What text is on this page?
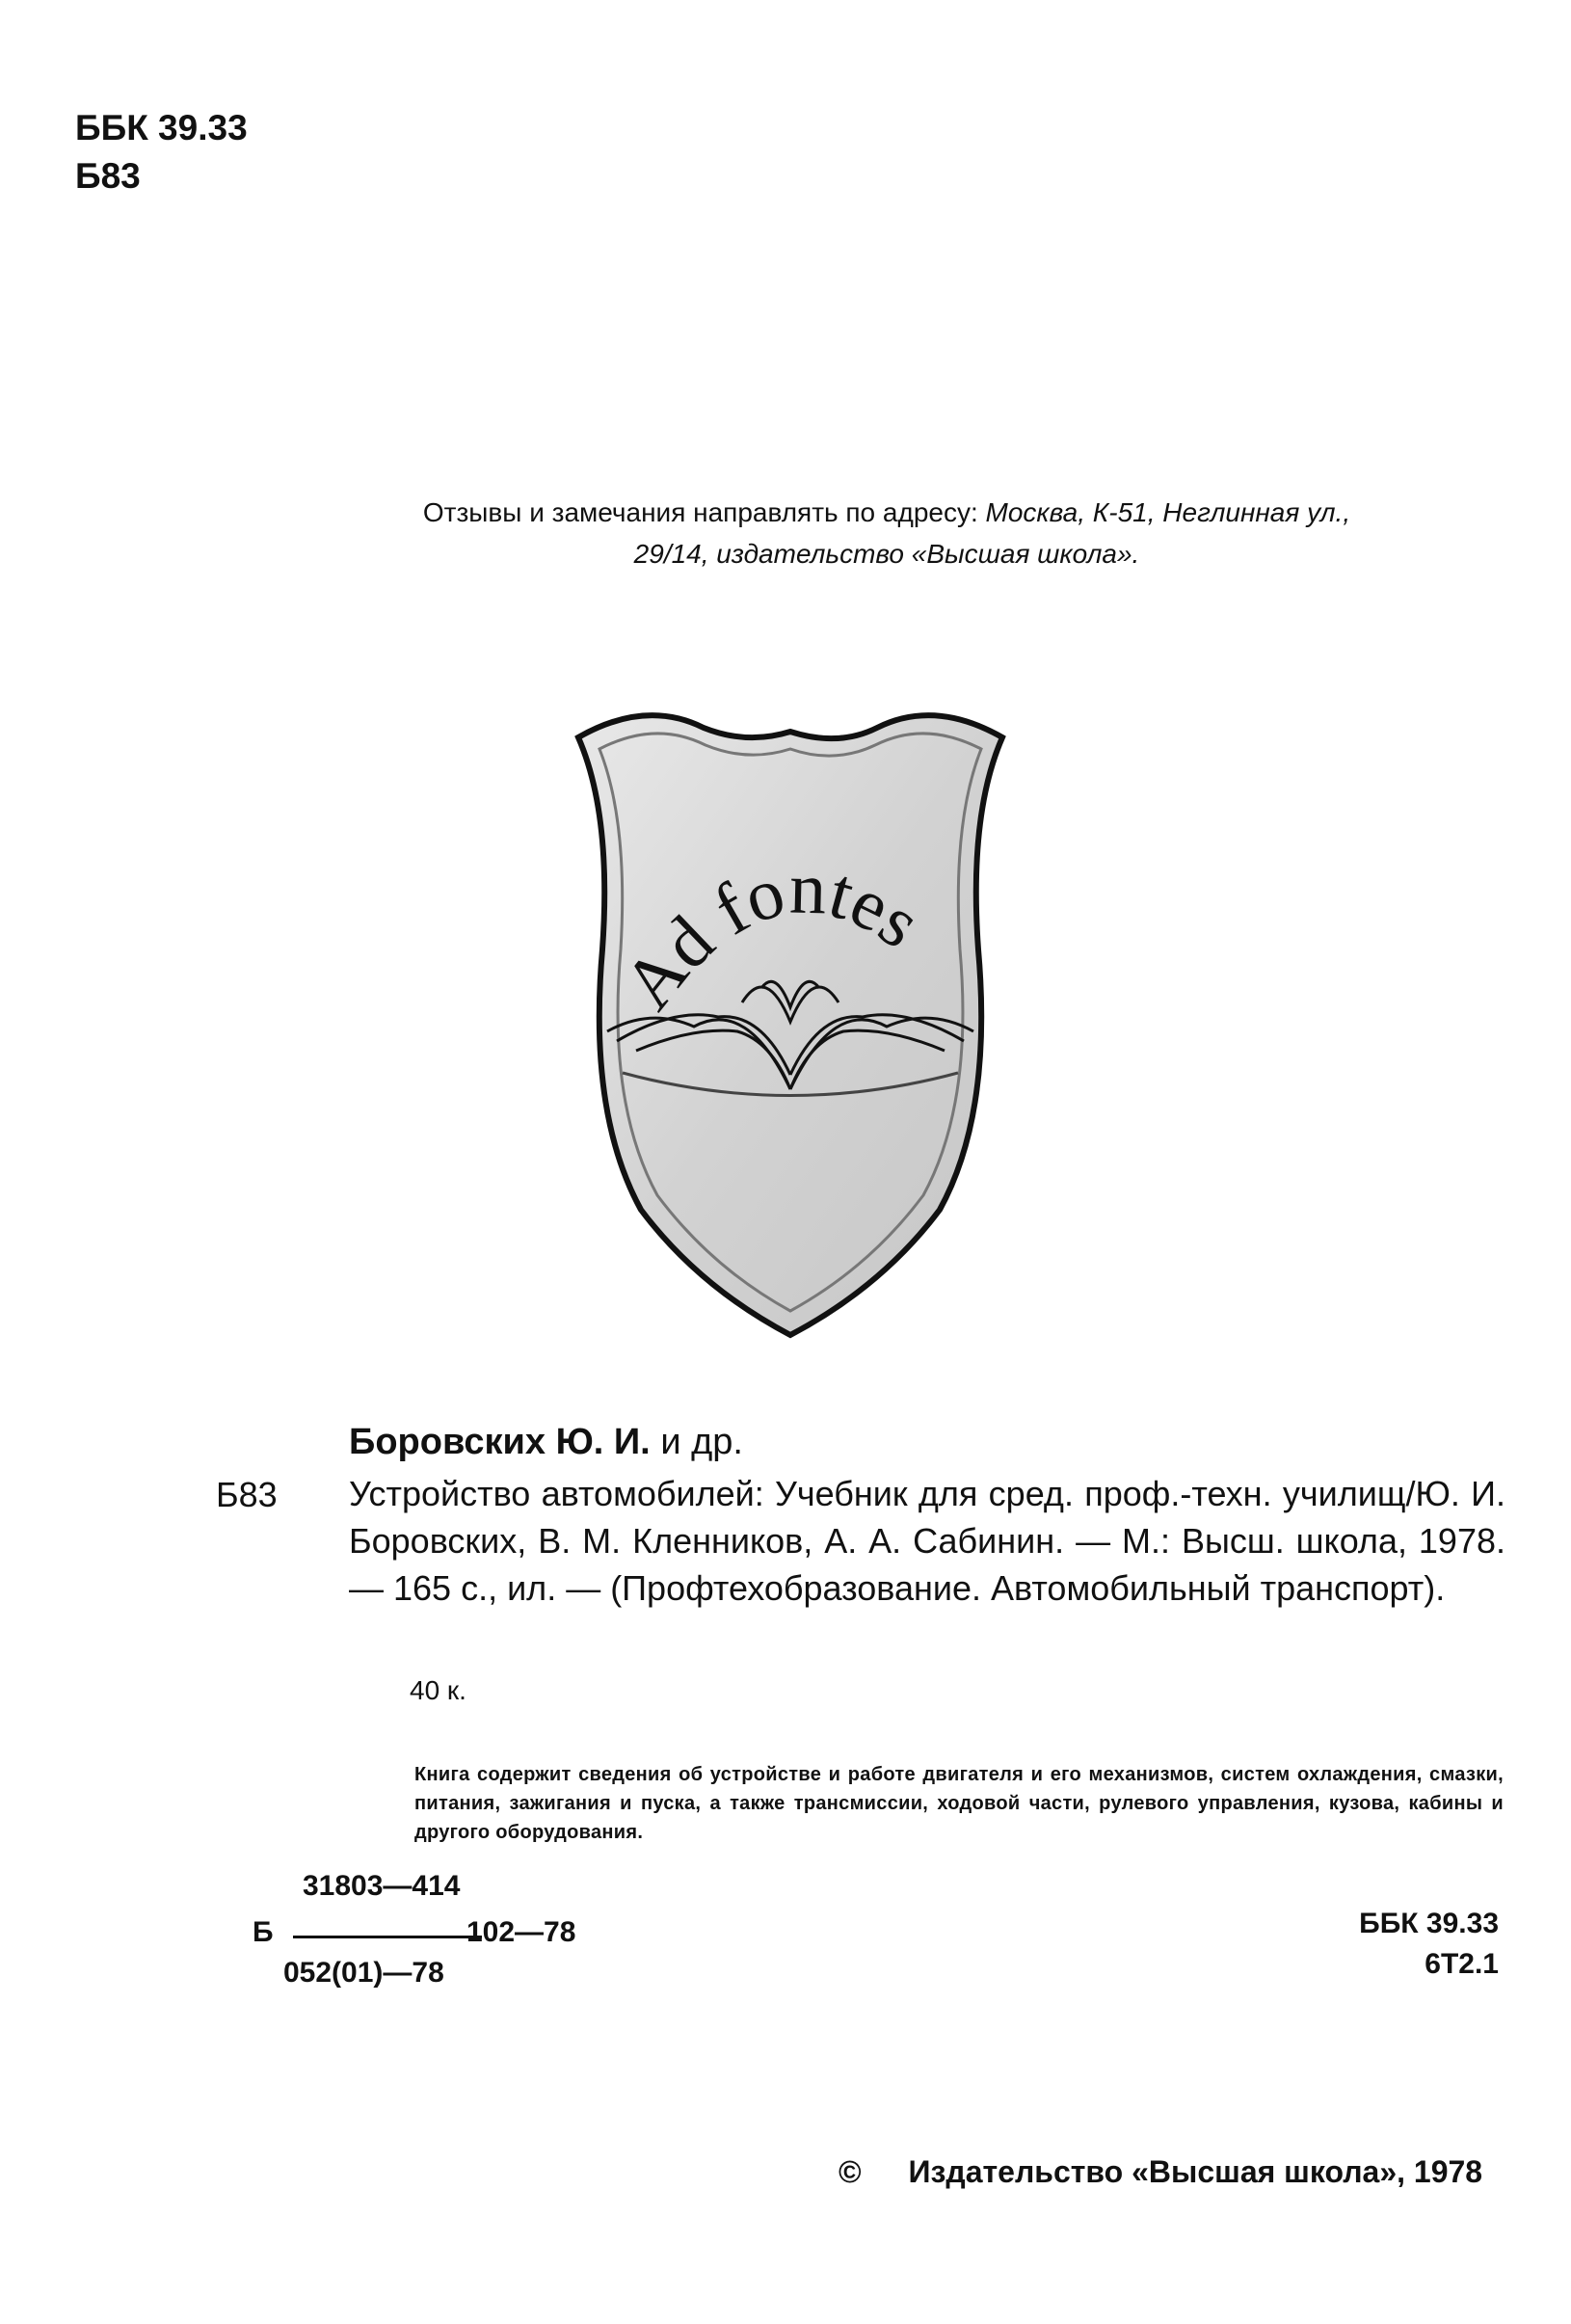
ББК 39.33
Б83
Отзывы и замечания направлять по адресу: Москва, К-51, Неглинная ул.,
29/14, издательство «Высшая школа».
Ad fontes
Боровских Ю. И. и др.
Б83 Устройство автомобилей: Учебник для сред. проф.-техн. училищ/Ю. И. Боровских, В. М. Кленников, А. А. Сабинин. — М.: Высш. школа, 1978. — 165 с., ил. — (Профтехобразование. Автомобильный транспорт).
40 к.
Книга содержит сведения об устройстве и работе двигателя и его механизмов, систем охлаждения, смазки, питания, зажигания и пуска, а также трансмиссии, ходовой части, рулевого управления, кузова, кабины и другого оборудования.
Б
31803—414
052(01)—78
102—78	ББК 39.33
6Т2.1
© Издательство «Высшая школа», 1978
